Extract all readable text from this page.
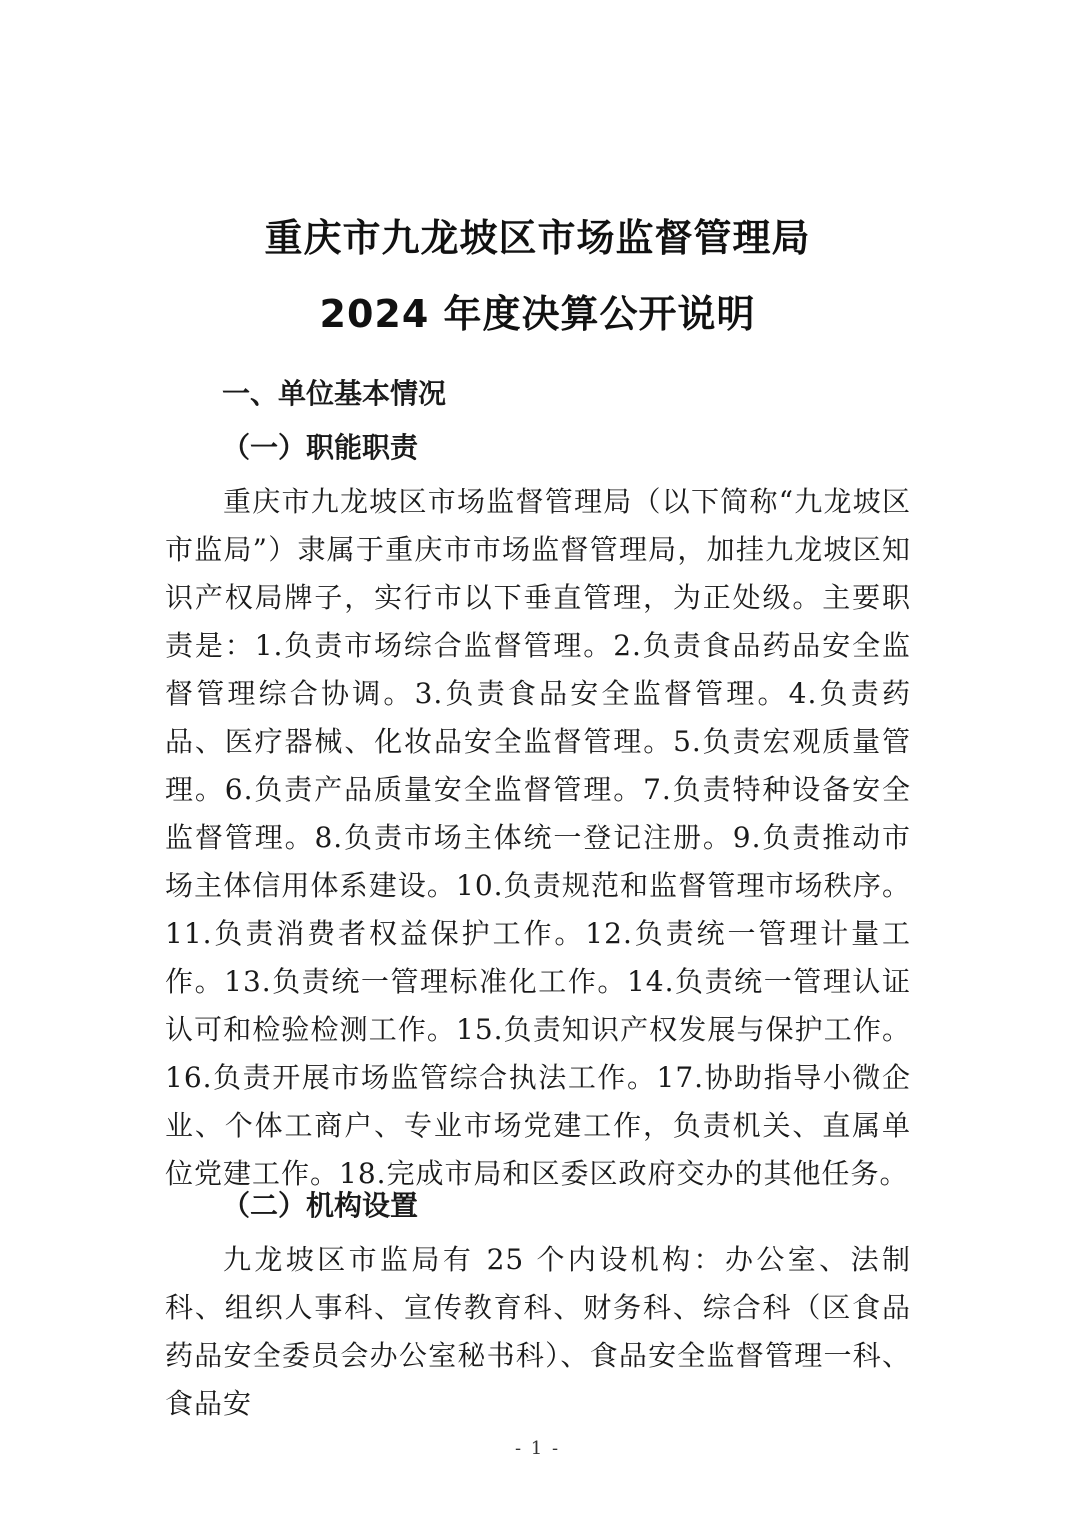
重庆市九龙坡区市场监督管理局
2024 年度决算公开说明
一、单位基本情况
（一）职能职责
重庆市九龙坡区市场监督管理局（以下简称“九龙坡区市监局”）隶属于重庆市市场监督管理局，加挂九龙坡区知识产权局牌子，实行市以下垂直管理，为正处级。主要职责是：1.负责市场综合监督管理。2.负责食品药品安全监督管理综合协调。3.负责食品安全监督管理。4.负责药品、医疗器械、化妆品安全监督管理。5.负责宏观质量管理。6.负责产品质量安全监督管理。7.负责特种设备安全监督管理。8.负责市场主体统一登记注册。9.负责推动市场主体信用体系建设。10.负责规范和监督管理市场秩序。11.负责消费者权益保护工作。12.负责统一管理计量工作。13.负责统一管理标准化工作。14.负责统一管理认证认可和检验检测工作。15.负责知识产权发展与保护工作。16.负责开展市场监管综合执法工作。17.协助指导小微企业、个体工商户、专业市场党建工作，负责机关、直属单位党建工作。18.完成市局和区委区政府交办的其他任务。
（二）机构设置
九龙坡区市监局有 25 个内设机构：办公室、法制科、组织人事科、宣传教育科、财务科、综合科（区食品药品安全委员会办公室秘书科）、食品安全监督管理一科、食品安
- 1 -
